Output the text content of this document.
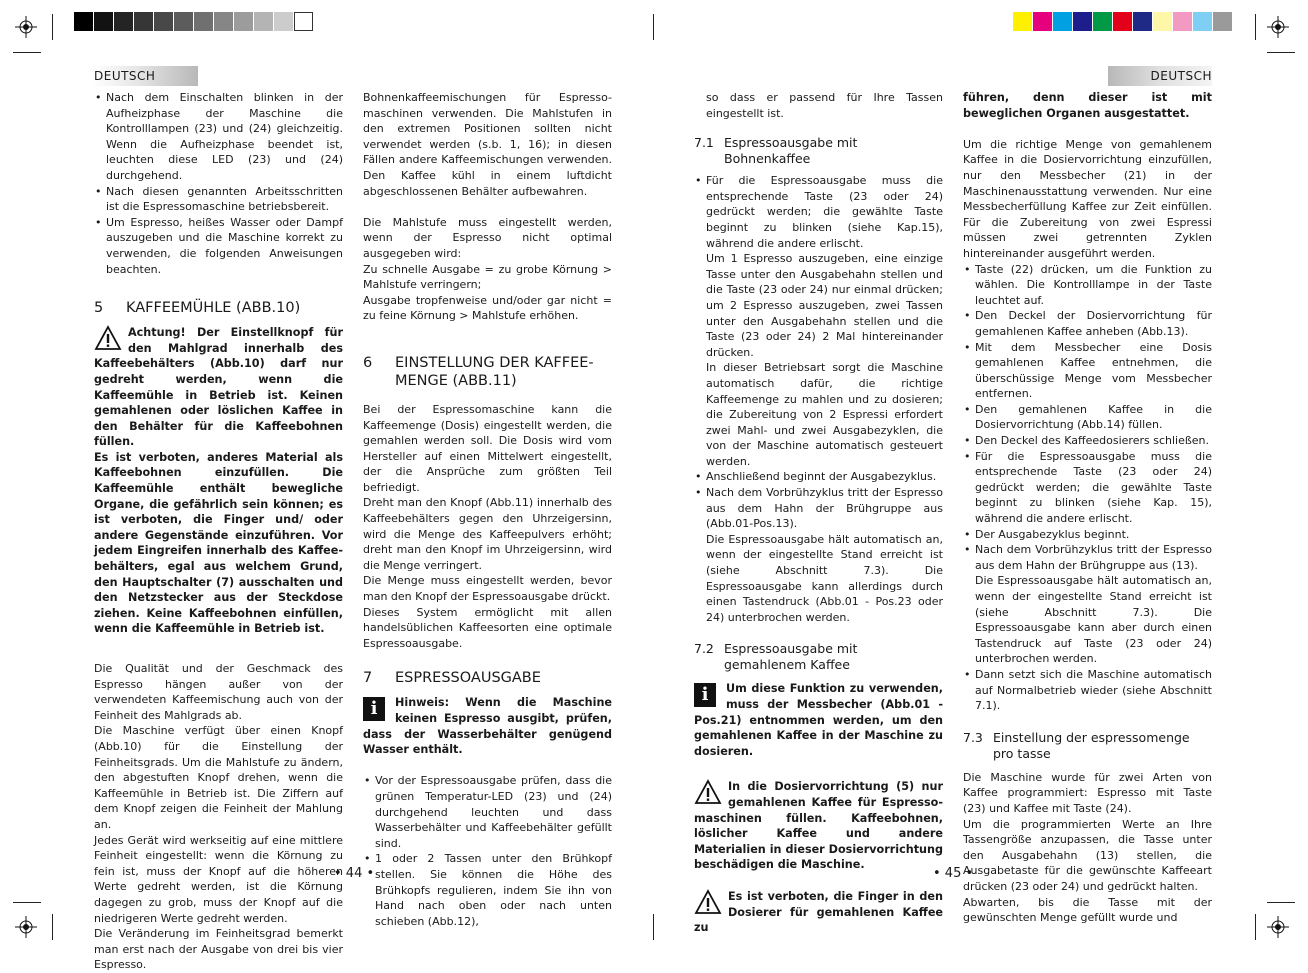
DEUTSCH	DEUTSCH

• Nach dem Einschalten blinken in der Aufheizphase der Maschine die Kontrolllampen (23) und (24) gleichzeitig. Wenn die Aufheizphase beendet ist, leuchten diese LED (23) und (24) durchgehend.

• Nach diesen genannten Arbeitsschritten ist die Espressomaschine betriebsbereit.

• Um Espresso, heißes Wasser oder Dampf auszugeben und die Maschine korrekt zu verwenden, die folgenden Anweisungen beachten.

5 KAFFEEMÜHLE (ABB.10)

Achtung! Der Einstellknopf für den Mahlgrad innerhalb des Kaffeebehälters (Abb.10) darf nur gedreht werden, wenn die Kaffeemühle in Betrieb ist. Keinen gemahlenen oder löslichen Kaffee in den Behälter für die Kaffeebohnen füllen.

Es ist verboten, anderes Material als Kaffeebohnen einzufüllen. Die Kaffeemühle enthält bewegliche Organe, die gefährlich sein können; es ist verboten, die Finger und/ oder andere Gegenstände einzuführen. Vor jedem Eingreifen innerhalb des Kaffee- behälters, egal aus welchem Grund, den Hauptschalter (7) ausschalten und den Netzstecker aus der Steckdose ziehen. Keine Kaffeebohnen einfüllen, wenn die Kaffeemühle in Betrieb ist.

Die Qualität und der Geschmack des Espresso hängen außer von der verwendeten Kaffeemischung auch von der Feinheit des Mahlgrads ab.

Die Maschine verfügt über einen Knopf (Abb.10) für die Einstellung der Feinheitsgrads. Um die Mahlstufe zu ändern, den abgestuften Knopf drehen, wenn die Kaffeemühle in Betrieb ist. Die Ziffern auf dem Knopf zeigen die Feinheit der Mahlung an.

Jedes Gerät wird werkseitig auf eine mittlere Feinheit eingestellt: wenn die Körnung zu fein ist, muss der Knopf auf die höheren Werte gedreht werden, ist die Körnung dagegen zu grob, muss der Knopf auf die niedrigeren Werte gedreht werden.

Die Veränderung im Feinheitsgrad bemerkt man erst nach der Ausgabe von drei bis vier Espresso.

Bohnenkaffeemischungen für Espresso- maschinen verwenden. Die Mahlstufen in den extremen Positionen sollten nicht verwendet werden (s.b. 1, 16); in diesen Fällen andere Kaffeemischungen verwenden. Den Kaffee kühl in einem luftdicht abgeschlossenen Behälter aufbewahren.

Die Mahlstufe muss eingestellt werden, wenn der Espresso nicht optimal ausgegeben wird:

Zu schnelle Ausgabe = zu grobe Körnung > Mahlstufe verringern;

Ausgabe tropfenweise und/oder gar nicht = zu feine Körnung > Mahlstufe erhöhen.

6 EINSTELLUNG DER KAFFEE- MENGE (ABB.11)

Bei der Espressomaschine kann die Kaffeemenge (Dosis) eingestellt werden, die gemahlen werden soll. Die Dosis wird vom Hersteller auf einen Mittelwert eingestellt, der die Ansprüche zum größten Teil befriedigt.

Dreht man den Knopf (Abb.11) innerhalb des Kaffeebehälters gegen den Uhrzeigersinn, wird die Menge des Kaffeepulvers erhöht; dreht man den Knopf im Uhrzeigersinn, wird die Menge verringert.

Die Menge muss eingestellt werden, bevor man den Knopf der Espressoausgabe drückt.

Dieses System ermöglicht mit allen handelsüblichen Kaffeesorten eine optimale Espressoausgabe.

7 ESPRESSOAUSGABE

i	Hinweis: Wenn die Maschine keinen Espresso ausgibt, prüfen, dass der Wasserbehälter genügend Wasser enthält.

• Vor der Espressoausgabe prüfen, dass die grünen Temperatur-LED (23) und (24) durchgehend leuchten und dass Wasserbehälter und Kaffeebehälter gefüllt sind.

• 1 oder 2 Tassen unter den Brühkopf stellen. Sie können die Höhe des Brühkopfs regulieren, indem Sie ihn von Hand nach oben oder nach unten schieben (Abb.12),

so dass er passend für Ihre Tassen eingestellt ist.

7.1 Espressoausgabe mit Bohnenkaffee

• Für die Espressoausgabe muss die entsprechende Taste (23 oder 24) gedrückt werden; die gewählte Taste beginnt zu blinken (siehe Kap.15), während die andere erlischt.

Um 1 Espresso auszugeben, eine einzige Tasse unter den Ausgabehahn stellen und die Taste (23 oder 24) nur einmal drücken; um 2 Espresso auszugeben, zwei Tassen unter den Ausgabehahn stellen und die Taste (23 oder 24) 2 Mal hintereinander drücken.

In dieser Betriebsart sorgt die Maschine automatisch dafür, die richtige Kaffeemenge zu mahlen und zu dosieren; die Zubereitung von 2 Espressi erfordert zwei Mahl- und zwei Ausgabezyklen, die von der Maschine automatisch gesteuert werden.

• Anschließend beginnt der Ausgabezyklus.

• Nach dem Vorbrühzyklus tritt der Espresso aus dem Hahn der Brühgruppe aus (Abb.01-Pos.13).

Die Espressoausgabe hält automatisch an, wenn der eingestellte Stand erreicht ist (siehe Abschnitt 7.3). Die Espressoausgabe kann allerdings durch einen Tastendruck (Abb.01 - Pos.23 oder 24) unterbrochen werden.

7.2 Espressoausgabe mit gemahlenem Kaffee

i	Um diese Funktion zu verwenden, muss der Messbecher (Abb.01 - Pos.21) entnommen werden, um den gemahlenen Kaffee in der Maschine zu dosieren.

In die Dosiervorrichtung (5) nur gemahlenen Kaffee für Espresso- maschinen füllen. Kaffeebohnen, löslicher Kaffee und andere Materialien in dieser Dosiervorrichtung beschädigen die Maschine.

Es ist verboten, die Finger in den Dosierer für gemahlenen Kaffee zu

führen, denn dieser ist mit beweglichen Organen ausgestattet.

Um die richtige Menge von gemahlenem Kaffee in die Dosiervorrichtung einzufüllen, nur den Messbecher (21) in der Maschinenausstattung verwenden. Nur eine Messbecherfüllung Kaffee zur Zeit einfüllen. Für die Zubereitung von zwei Espressi müssen zwei getrennten Zyklen hintereinander ausgeführt werden.

• Taste (22) drücken, um die Funktion zu wählen. Die Kontrolllampe in der Taste leuchtet auf.

• Den Deckel der Dosiervorrichtung für gemahlenen Kaffee anheben (Abb.13).

• Mit dem Messbecher eine Dosis gemahlenen Kaffee entnehmen, die überschüssige Menge vom Messbecher entfernen.

• Den gemahlenen Kaffee in die Dosiervorrichtung (Abb.14) füllen.

• Den Deckel des Kaffeedosierers schließen.

• Für die Espressoausgabe muss die entsprechende Taste (23 oder 24) gedrückt werden; die gewählte Taste beginnt zu blinken (siehe Kap. 15), während die andere erlischt.

• Der Ausgabezyklus beginnt.

• Nach dem Vorbrühzyklus tritt der Espresso aus dem Hahn der Brühgruppe aus (13).

Die Espressoausgabe hält automatisch an, wenn der eingestellte Stand erreicht ist (siehe Abschnitt 7.3). Die Espressoausgabe kann aber durch einen Tastendruck auf Taste (23 oder 24) unterbrochen werden.

• Dann setzt sich die Maschine automatisch auf Normalbetrieb wieder (siehe Abschnitt 7.1).

7.3 Einstellung der espressomenge pro tasse

Die Maschine wurde für zwei Arten von Kaffee programmiert: Espresso mit Taste (23) und Kaffee mit Taste (24).

Um die programmierten Werte an Ihre Tassengröße anzupassen, die Tasse unter den Ausgabehahn (13) stellen, die Ausgabetaste für die gewünschte Kaffeeart drücken (23 oder 24) und gedrückt halten.

Abwarten, bis die Tasse mit der gewünschten Menge gefüllt wurde und

• 44 •	• 45 •
